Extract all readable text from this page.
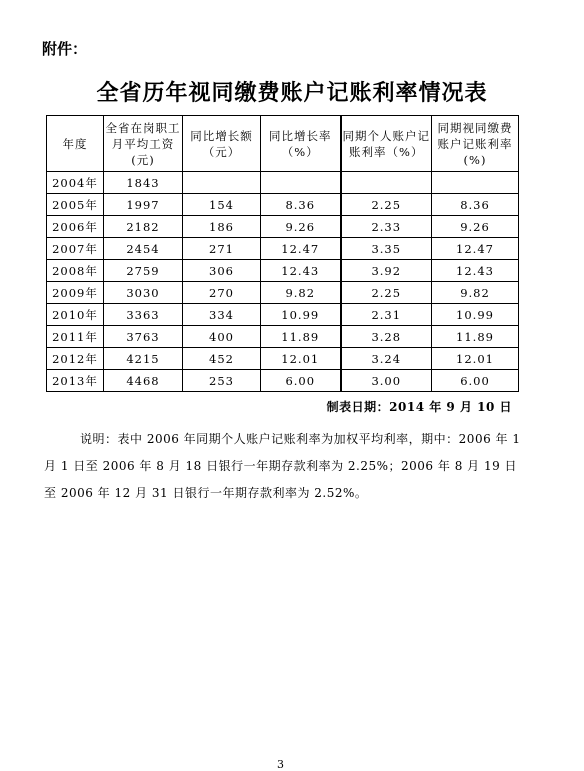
附件：
全省历年视同缴费账户记账利率情况表
年度	全省在岗职工月平均工资(元)	同比增长额（元）	同比增长率（%）	同期个人账户记账利率（%）	同期视同缴费账户记账利率(%)
2004年	1843				
2005年	1997	154	8.36	2.25	8.36
2006年	2182	186	9.26	2.33	9.26
2007年	2454	271	12.47	3.35	12.47
2008年	2759	306	12.43	3.92	12.43
2009年	3030	270	9.82	2.25	9.82
2010年	3363	334	10.99	2.31	10.99
2011年	3763	400	11.89	3.28	11.89
2012年	4215	452	12.01	3.24	12.01
2013年	4468	253	6.00	3.00	6.00
制表日期：2014 年 9 月 10 日
说明：表中 2006 年同期个人账户记账利率为加权平均利率，期中：2006 年 1 月 1 日至 2006 年 8 月 18 日银行一年期存款利率为 2.25%；2006 年 8 月 19 日至 2006 年 12 月 31 日银行一年期存款利率为 2.52%。
3
